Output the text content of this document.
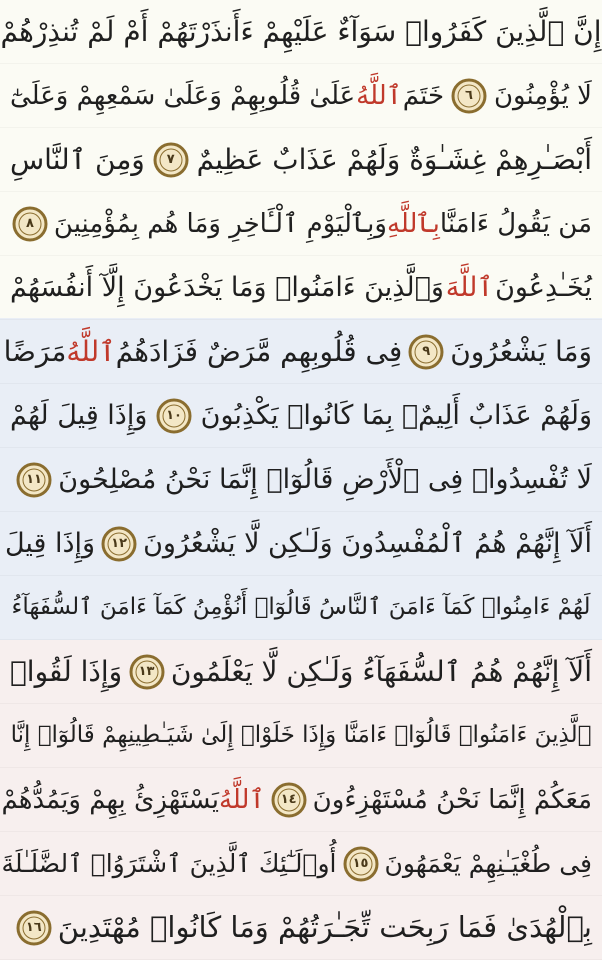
إِنَّ ٱلَّذِينَ كَفَرُوا۟ سَوَآءٌ عَلَيْهِمْ ءَأَنذَرْتَهُمْ أَمْ لَمْ تُنذِرْهُمْ
لَا يُؤْمِنُونَ
٦
خَتَمَ
ٱللَّهُ
عَلَىٰ قُلُوبِهِمْ وَعَلَىٰ سَمْعِهِمْ وَعَلَىٰٓ
أَبْصَـٰرِهِمْ غِشَـٰوَةٌ وَلَهُمْ عَذَابٌ عَظِيمٌ
٧
وَمِنَ ٱلنَّاسِ
مَن يَقُولُ ءَامَنَّا
بِٱللَّهِ
وَبِٱلْيَوْمِ ٱلْـَٔاخِرِ وَمَا هُم بِمُؤْمِنِينَ
٨
يُخَـٰدِعُونَ
ٱللَّهَ
وَٱلَّذِينَ ءَامَنُوا۟ وَمَا يَخْدَعُونَ إِلَّآ أَنفُسَهُمْ
وَمَا يَشْعُرُونَ
٩
فِى قُلُوبِهِم مَّرَضٌ فَزَادَهُمُ
ٱللَّهُ
مَرَضًا
وَلَهُمْ عَذَابٌ أَلِيمٌۢ بِمَا كَانُوا۟ يَكْذِبُونَ
١٠
وَإِذَا قِيلَ لَهُمْ
لَا تُفْسِدُوا۟ فِى ٱلْأَرْضِ قَالُوٓا۟ إِنَّمَا نَحْنُ مُصْلِحُونَ
١١
أَلَآ إِنَّهُمْ هُمُ ٱلْمُفْسِدُونَ وَلَـٰكِن لَّا يَشْعُرُونَ
١٢
وَإِذَا قِيلَ
لَهُمْ ءَامِنُوا۟ كَمَآ ءَامَنَ ٱلنَّاسُ قَالُوٓا۟ أَنُؤْمِنُ كَمَآ ءَامَنَ ٱلسُّفَهَآءُ
أَلَآ إِنَّهُمْ هُمُ ٱلسُّفَهَآءُ وَلَـٰكِن لَّا يَعْلَمُونَ
١٣
وَإِذَا لَقُوا۟
ٱلَّذِينَ ءَامَنُوا۟ قَالُوٓا۟ ءَامَنَّا وَإِذَا خَلَوْا۟ إِلَىٰ شَيَـٰطِينِهِمْ قَالُوٓا۟ إِنَّا
مَعَكُمْ إِنَّمَا نَحْنُ مُسْتَهْزِءُونَ
١٤
ٱللَّهُ
يَسْتَهْزِئُ بِهِمْ وَيَمُدُّهُمْ
فِى طُغْيَـٰنِهِمْ يَعْمَهُونَ
١٥
أُو۟لَـٰٓئِكَ ٱلَّذِينَ ٱشْتَرَوُا۟ ٱلضَّلَـٰلَةَ
بِٱلْهُدَىٰ فَمَا رَبِحَت تِّجَـٰرَتُهُمْ وَمَا كَانُوا۟ مُهْتَدِينَ
١٦
